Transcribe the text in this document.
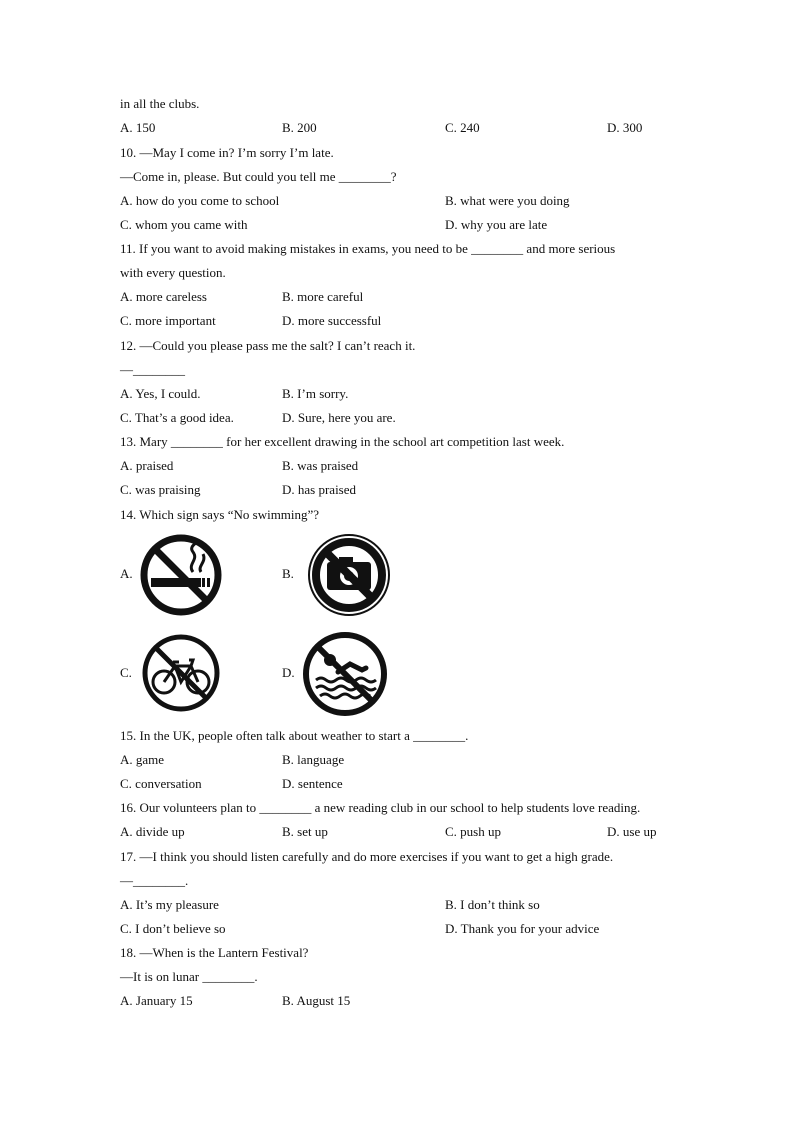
in all the clubs.
A. 150	B. 200	C. 240	D. 300
10. —May I come in? I’m sorry I’m late.
—Come in, please. But could you tell me ________?
A. how do you come to school	B. what were you doing
C. whom you came with	D. why you are late
11. If you want to avoid making mistakes in exams, you need to be ________ and more serious
with every question.
A. more careless	B. more careful
C. more important	D. more successful
12. —Could you please pass me the salt? I can’t reach it.
—________
A. Yes, I could.	B. I’m sorry.
C. That’s a good idea.	D. Sure, here you are.
13. Mary ________ for her excellent drawing in the school art competition last week.
A. praised	B. was praised
C. was praising	D. has praised
14. Which sign says “No swimming”?
A.	B.
C.	D.
15. In the UK, people often talk about weather to start a ________.
A. game	B. language
C. conversation	D. sentence
16. Our volunteers plan to ________ a new reading club in our school to help students love reading.
A. divide up	B. set up	C. push up	D. use up
17. —I think you should listen carefully and do more exercises if you want to get a high grade.
—________.
A. It’s my pleasure	B. I don’t think so
C. I don’t believe so	D. Thank you for your advice
18. —When is the Lantern Festival?
—It is on lunar ________.
A. January 15	B. August 15
